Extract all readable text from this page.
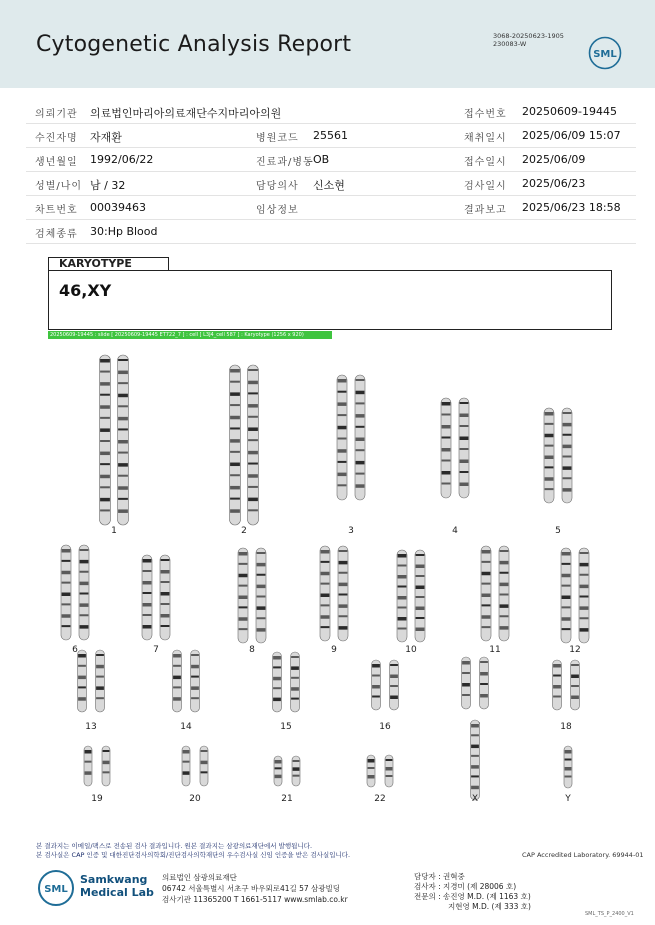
Cytogenetic Analysis Report	3068-20250623-1905
230083-W
SML
의뢰기관 의료법인마리아의료재단수지마리아의원	접수번호 20250609-19445
수진자명 자재환	병원코드 25561	채취일시 2025/06/09 15:07
생년월일 1992/06/22	진료과/병동 OB	접수일시 2025/06/09
성별/나이 남 / 32	담당의사 신소현	검사일시 2025/06/23
차트번호 00039463	임상정보	결과보고 2025/06/23 18:58
검체종류 30:Hp Blood
KARYOTYPE
46,XY
20250609-19445 : slide [ 20250609-19445 ET722_7 ] : cell [ L3J4_cell 587 ] : Karyotype (1256 x 920)
1	2	3	4	5
6	7	8	9	10	11	12
13	14	15	16	18
19	20	21	22	X	Y
본 결과지는 이메일/팩스로 전송된 검사 결과입니다. 원본 결과지는 삼광의료재단에서 발행됩니다.
본 검사실은 CAP 인증 및 대한진단검사의학회/진단검사의학재단의 우수검사실 신임 인증을 받은 검사실입니다.	CAP Accredited Laboratory. 69944-01
SML
Samkwang
Medical Lab
의료법인 삼광의료재단
06742 서울특별시 서초구 바우뫼로41길 57 삼광빌딩
검사기관 11365200 T 1661-5117 www.smlab.co.kr
담당자 : 권혁중
검사자 : 지경미 (제 28006 호)
전문의 : 송진영 M.D. (제 1163 호)
지현영 M.D. (제 333 호)
SML_TS_P_2400_V1
